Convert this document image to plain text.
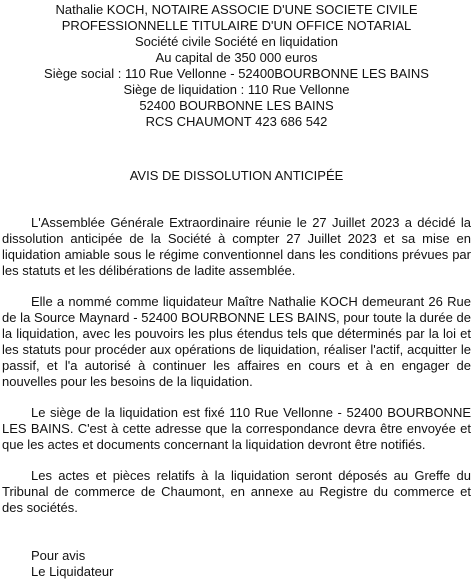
Nathalie KOCH, NOTAIRE ASSOCIE D'UNE SOCIETE CIVILE
PROFESSIONNELLE TITULAIRE D'UN OFFICE NOTARIAL
Société civile Société en liquidation
Au capital de 350 000 euros
Siège social : 110 Rue Vellonne - 52400BOURBONNE LES BAINS
Siège de liquidation : 110 Rue Vellonne
52400 BOURBONNE LES BAINS
RCS CHAUMONT 423 686 542
AVIS DE DISSOLUTION ANTICIPÉE

L'Assemblée Générale Extraordinaire réunie le 27 Juillet 2023 a décidé la dissolution anticipée de la Société à compter 27 Juillet 2023 et sa mise en liquidation amiable sous le régime conventionnel dans les conditions prévues par les statuts et les délibérations de ladite assemblée.

Elle a nommé comme liquidateur Maître Nathalie KOCH demeurant 26 Rue de la Source Maynard - 52400 BOURBONNE LES BAINS, pour toute la durée de la liquidation, avec les pouvoirs les plus étendus tels que déterminés par la loi et les statuts pour procéder aux opérations de liquidation, réaliser l'actif, acquitter le passif, et l'a autorisé à continuer les affaires en cours et à en engager de nouvelles pour les besoins de la liquidation.

Le siège de la liquidation est fixé 110 Rue Vellonne - 52400 BOURBONNE LES BAINS. C'est à cette adresse que la correspondance devra être envoyée et que les actes et documents concernant la liquidation devront être notifiés.

Les actes et pièces relatifs à la liquidation seront déposés au Greffe du Tribunal de commerce de Chaumont, en annexe au Registre du commerce et des sociétés.

Pour avis
Le Liquidateur
